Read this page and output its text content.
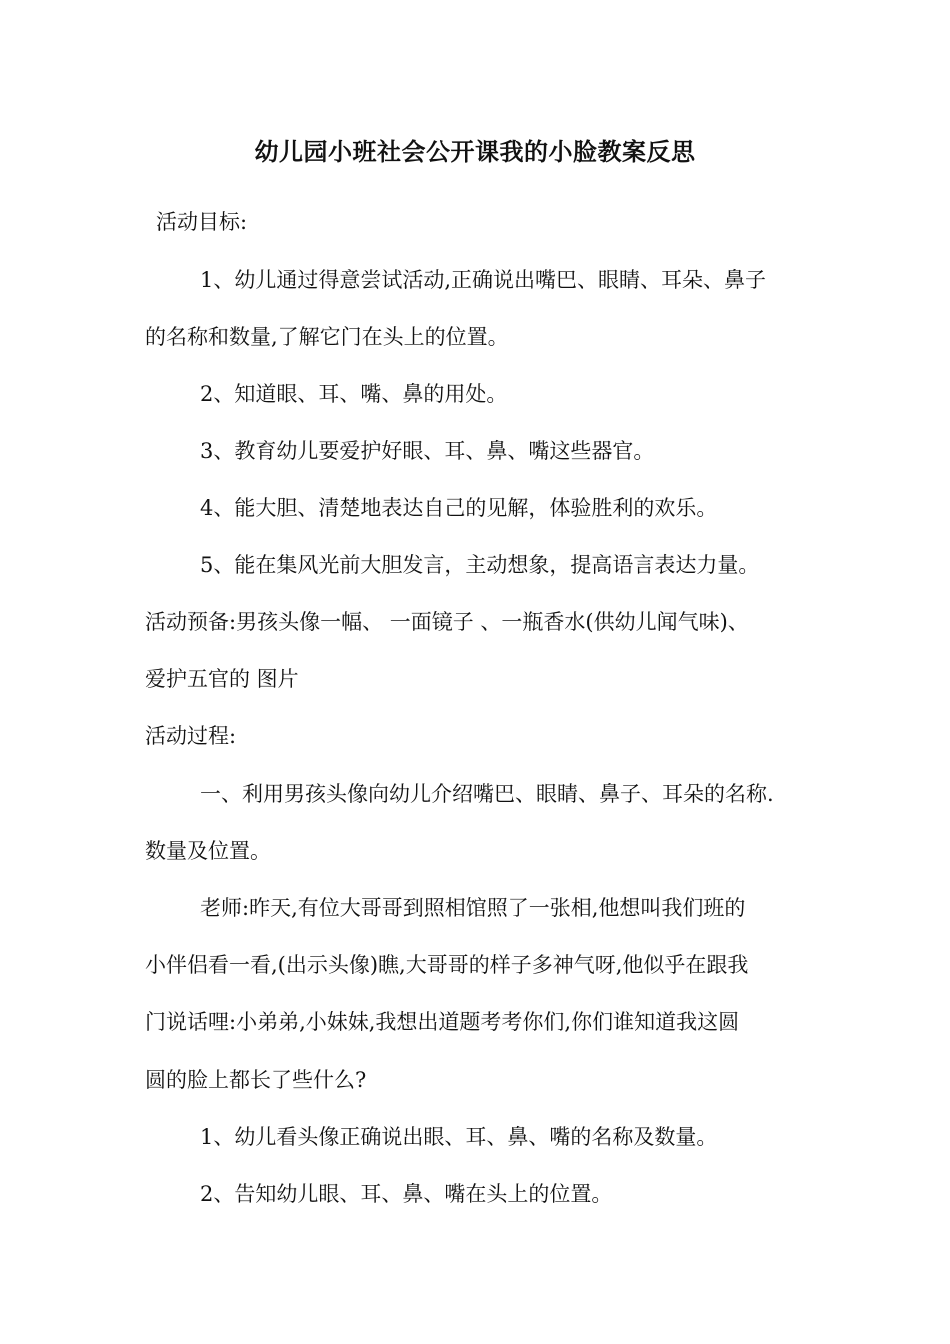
幼儿园小班社会公开课我的小脸教案反思
活动目标:
1、幼儿通过得意尝试活动,正确说出嘴巴、眼睛、耳朵、鼻子
的名称和数量,了解它门在头上的位置。
2、知道眼、耳、嘴、鼻的用处。
3、教育幼儿要爱护好眼、耳、鼻、嘴这些器官。
4、能大胆、清楚地表达自己的见解，体验胜利的欢乐。
5、能在集风光前大胆发言，主动想象，提高语言表达力量。
活动预备:男孩头像一幅、 一面镜子 、一瓶香水(供幼儿闻气味)、
爱护五官的 图片
活动过程:
一、利用男孩头像向幼儿介绍嘴巴、眼睛、鼻子、耳朵的名称.
数量及位置。
老师:昨天,有位大哥哥到照相馆照了一张相,他想叫我们班的
小伴侣看一看,(出示头像)瞧,大哥哥的样子多神气呀,他似乎在跟我
门说话哩:小弟弟,小妹妹,我想出道题考考你们,你们谁知道我这圆
圆的脸上都长了些什么?
1、幼儿看头像正确说出眼、耳、鼻、嘴的名称及数量。
2、告知幼儿眼、耳、鼻、嘴在头上的位置。
